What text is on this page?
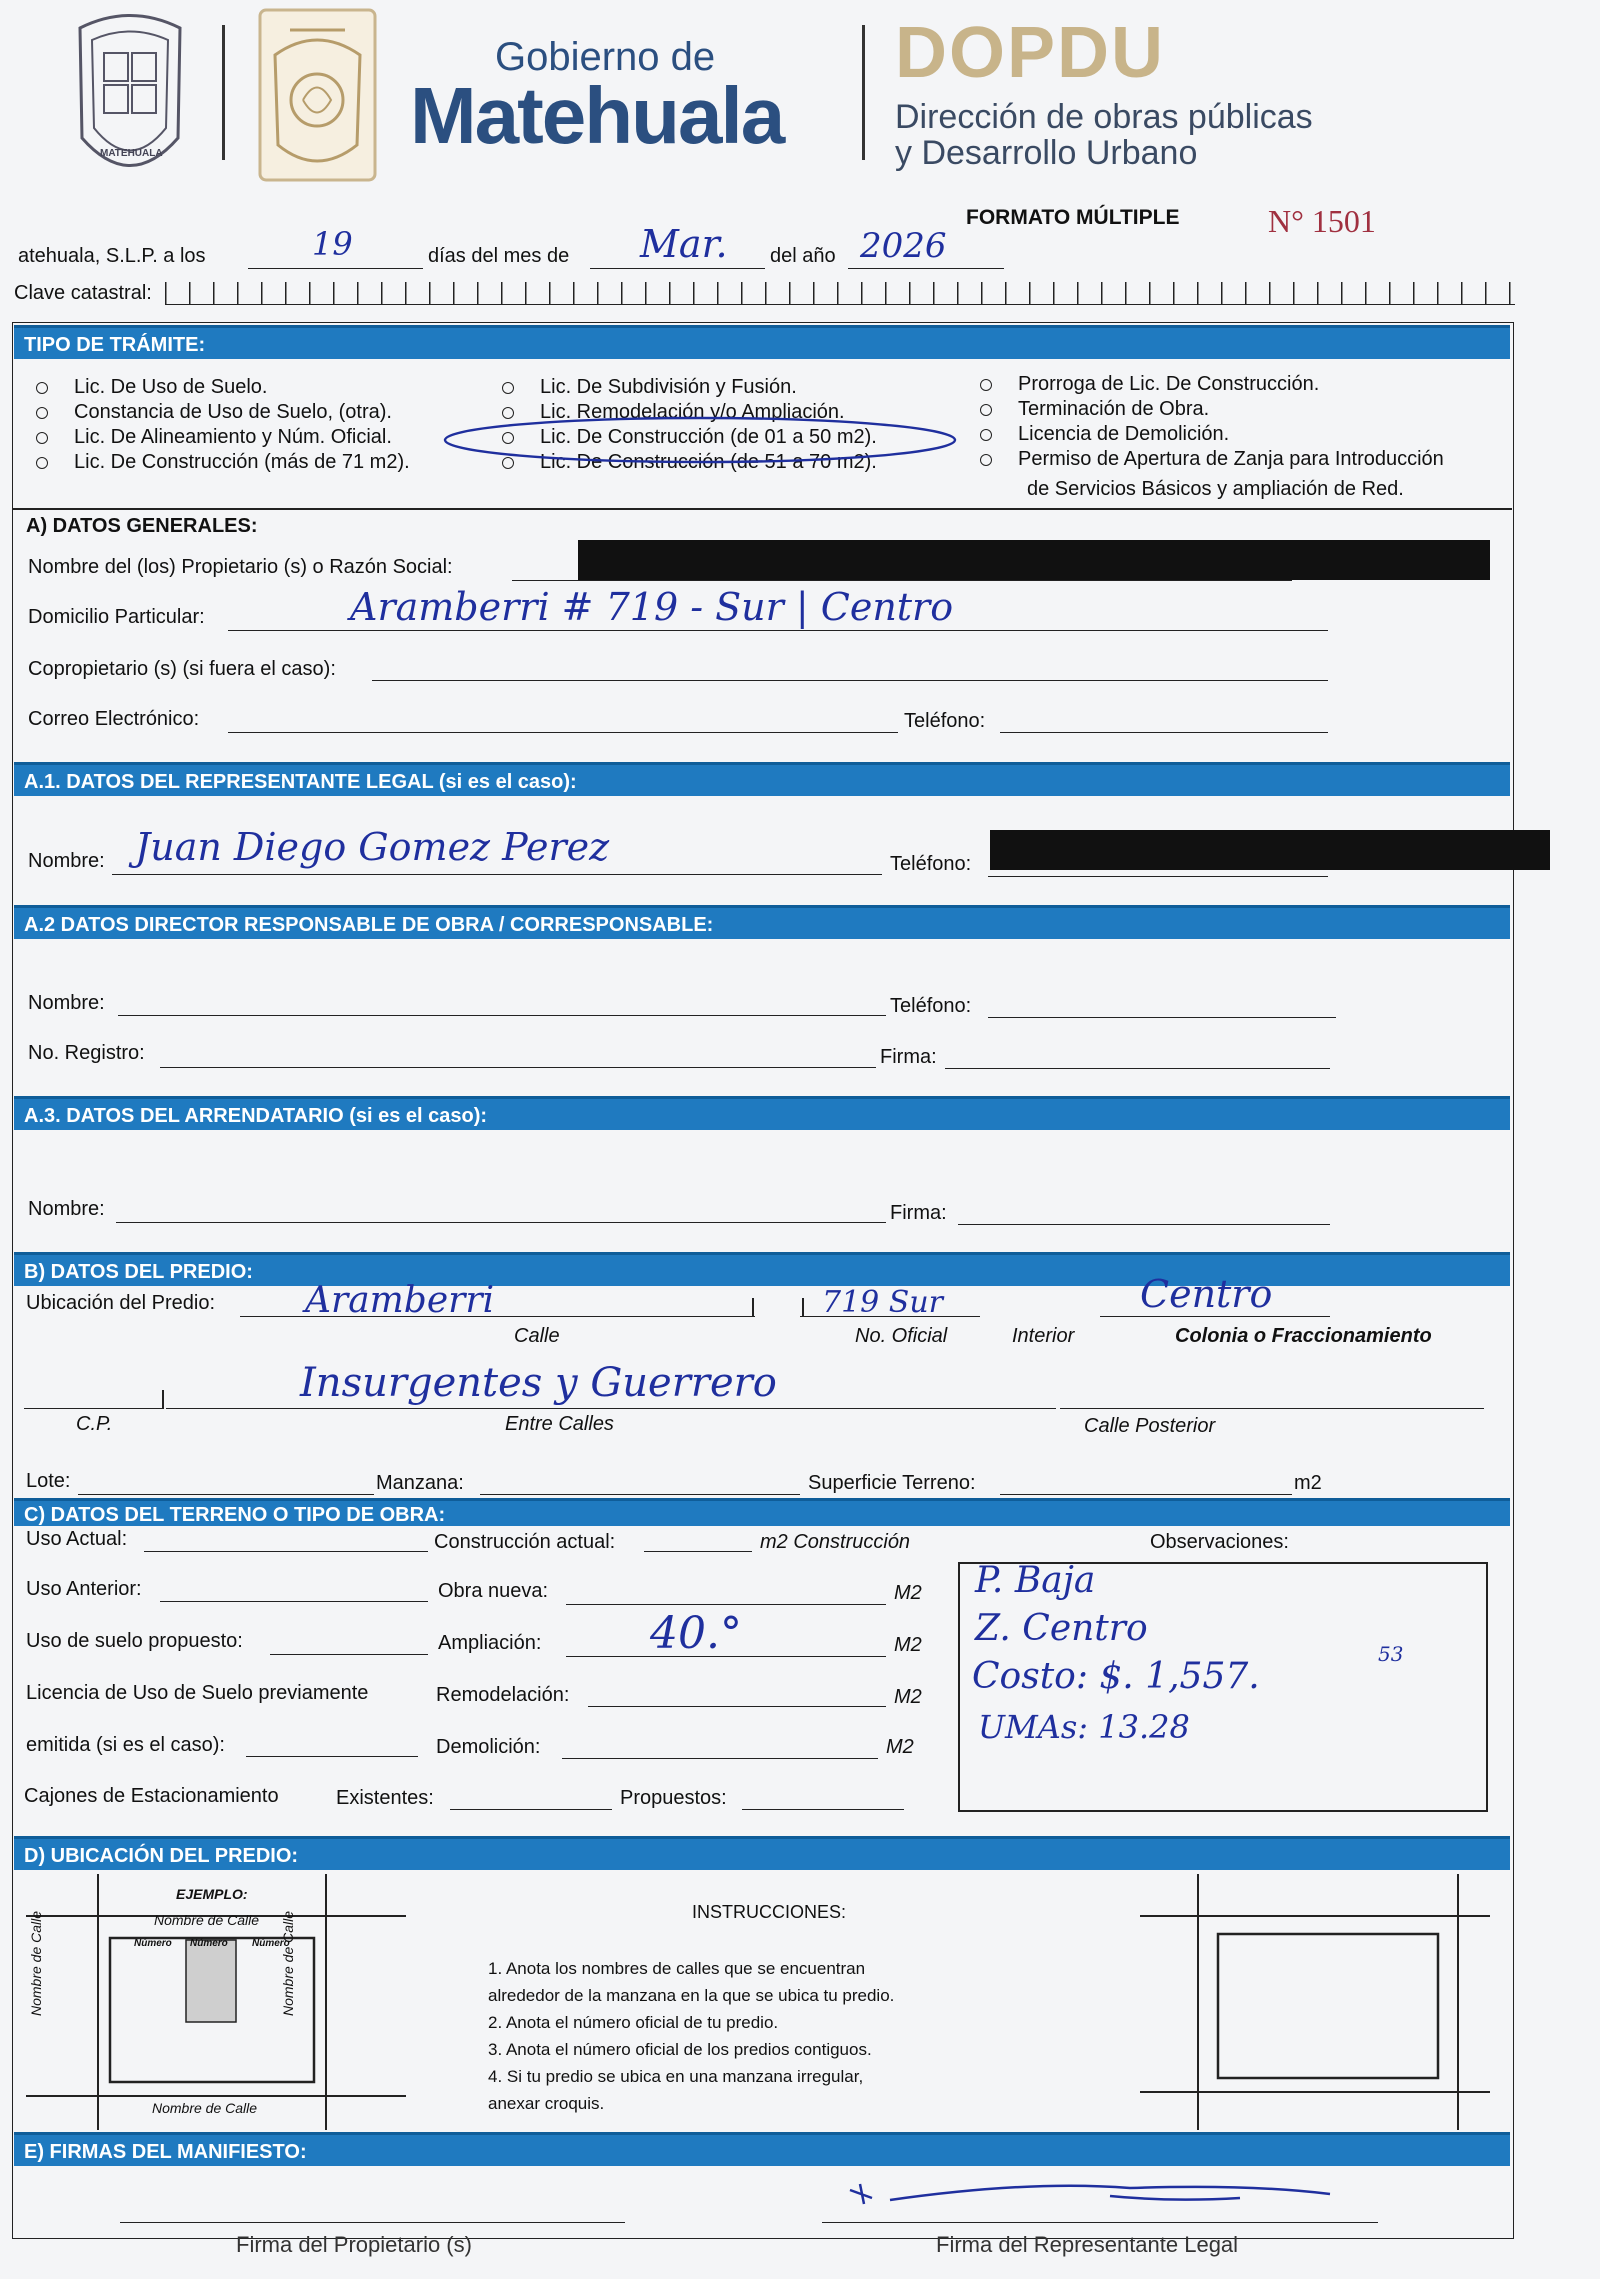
MATEHUALA
Gobierno de
Matehuala
DOPDU
Dirección de obras públicas
y Desarrollo Urbano
FORMATO MÚLTIPLE	N° 1501
atehuala, S.L.P. a los	19	días del mes de Mar. del año 2026
Clave catastral:
TIPO DE TRÁMITE:
Lic. De Uso de Suelo.
Constancia de Uso de Suelo, (otra).
Lic. De Alineamiento y Núm. Oficial.
Lic. De Construcción (más de 71 m2).
Lic. De Subdivisión y Fusión.
Lic. Remodelación y/o Ampliación.
Lic. De Construcción (de 01 a 50 m2).
Lic. De Construcción (de 51 a 70 m2).
Prorroga de Lic. De Construcción.
Terminación de Obra.
Licencia de Demolición.
Permiso de Apertura de Zanja para Introducción
de Servicios Básicos y ampliación de Red.
A) DATOS GENERALES:
Nombre del (los) Propietario (s) o Razón Social:
Domicilio Particular:	Aramberri # 719 - Sur | Centro
Copropietario (s) (si fuera el caso):
Correo Electrónico:	Teléfono:
A.1. DATOS DEL REPRESENTANTE LEGAL (si es el caso):
Nombre: Juan Diego Gomez Perez	Teléfono:
A.2 DATOS DIRECTOR RESPONSABLE DE OBRA / CORRESPONSABLE:
Nombre:	Teléfono:
No. Registro:	Firma:
A.3. DATOS DEL ARRENDATARIO (si es el caso):
Nombre:	Firma:
B) DATOS DEL PREDIO:
Ubicación del Predio:	Aramberri	719 Sur	Centro
Calle	No. Oficial	Interior	Colonia o Fraccionamiento
Insurgentes y Guerrero
C.P.	Entre Calles	Calle Posterior
Lote:	Manzana:	Superficie Terreno:	m2
C) DATOS DEL TERRENO O TIPO DE OBRA:
Uso Actual:	Construcción actual:	m2 Construcción	Observaciones:
Uso Anterior:	Obra nueva:	M2
Uso de suelo propuesto:	Ampliación: 40.°	M2
Licencia de Uso de Suelo previamente	Remodelación:	M2
emitida (si es el caso):	Demolición:	M2
Cajones de Estacionamiento	Existentes:	Propuestos:
P. Baja
Z. Centro
Costo: $. 1,557.
53
UMAs: 13.28
D) UBICACIÓN DEL PREDIO:
EJEMPLO:
Nombre de Calle
Número Número Número
Nombre de Calle	Nombre de Calle
Nombre de Calle
INSTRUCCIONES:
1. Anota los nombres de calles que se encuentran
alrededor de la manzana en la que se ubica tu predio.
2. Anota el número oficial de tu predio.
3. Anota el número oficial de los predios contiguos.
4. Si tu predio se ubica en una manzana irregular,
anexar croquis.
E) FIRMAS DEL MANIFIESTO:
Firma del Propietario (s)	Firma del Representante Legal
